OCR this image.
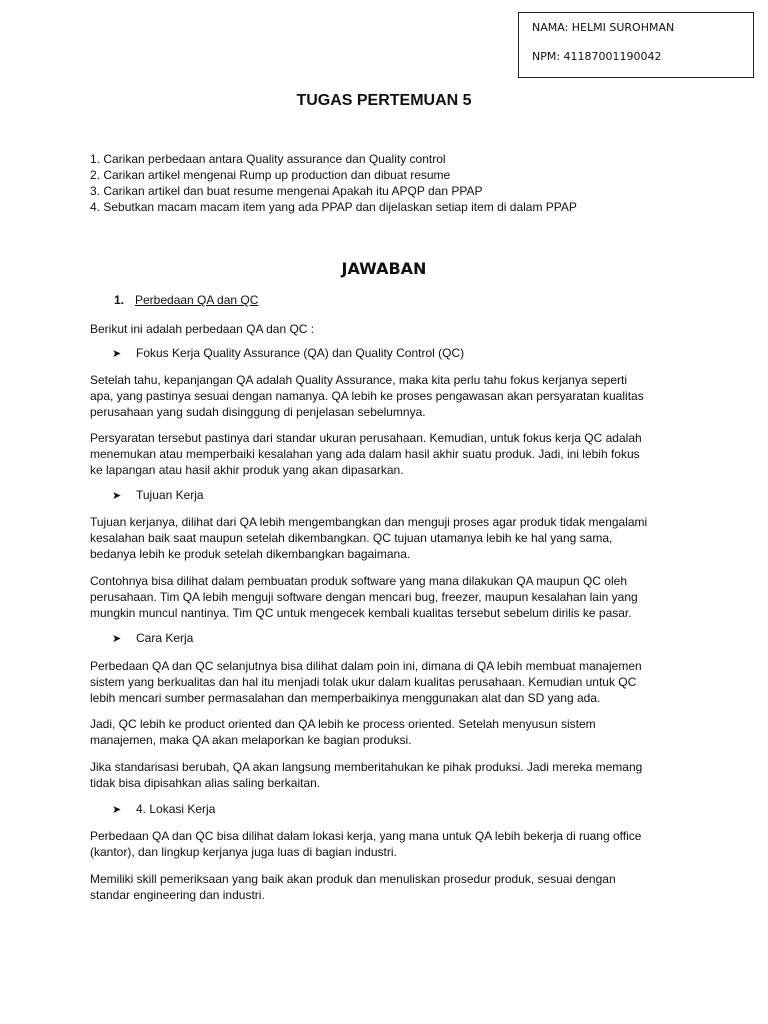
NAMA: HELMI SUROHMAN
NPM: 41187001190042
TUGAS PERTEMUAN 5
1. Carikan perbedaan antara Quality assurance dan Quality control
2. Carikan artikel mengenai Rump up production dan dibuat resume
3. Carikan artikel dan buat resume mengenai Apakah itu APQP dan PPAP
4. Sebutkan macam macam item yang ada PPAP dan dijelaskan setiap item di dalam PPAP
JAWABAN
1. Perbedaan QA dan QC
Berikut ini adalah perbedaan QA dan QC :
➤ Fokus Kerja Quality Assurance (QA) dan Quality Control (QC)
Setelah tahu, kepanjangan QA adalah Quality Assurance, maka kita perlu tahu fokus kerjanya seperti
apa, yang pastinya sesuai dengan namanya. QA lebih ke proses pengawasan akan persyaratan kualitas
perusahaan yang sudah disinggung di penjelasan sebelumnya.
Persyaratan tersebut pastinya dari standar ukuran perusahaan. Kemudian, untuk fokus kerja QC adalah
menemukan atau memperbaiki kesalahan yang ada dalam hasil akhir suatu produk. Jadi, ini lebih fokus
ke lapangan atau hasil akhir produk yang akan dipasarkan.
➤ Tujuan Kerja
Tujuan kerjanya, dilihat dari QA lebih mengembangkan dan menguji proses agar produk tidak mengalami
kesalahan baik saat maupun setelah dikembangkan. QC tujuan utamanya lebih ke hal yang sama,
bedanya lebih ke produk setelah dikembangkan bagaimana.
Contohnya bisa dilihat dalam pembuatan produk software yang mana dilakukan QA maupun QC oleh
perusahaan. Tim QA lebih menguji software dengan mencari bug, freezer, maupun kesalahan lain yang
mungkin muncul nantinya. Tim QC untuk mengecek kembali kualitas tersebut sebelum dirilis ke pasar.
➤ Cara Kerja
Perbedaan QA dan QC selanjutnya bisa dilihat dalam poin ini, dimana di QA lebih membuat manajemen
sistem yang berkualitas dan hal itu menjadi tolak ukur dalam kualitas perusahaan. Kemudian untuk QC
lebih mencari sumber permasalahan dan memperbaikinya menggunakan alat dan SD yang ada.
Jadi, QC lebih ke product oriented dan QA lebih ke process oriented. Setelah menyusun sistem
manajemen, maka QA akan melaporkan ke bagian produksi.
Jika standarisasi berubah, QA akan langsung memberitahukan ke pihak produksi. Jadi mereka memang
tidak bisa dipisahkan alias saling berkaitan.
➤ 4. Lokasi Kerja
Perbedaan QA dan QC bisa dilihat dalam lokasi kerja, yang mana untuk QA lebih bekerja di ruang office
(kantor), dan lingkup kerjanya juga luas di bagian industri.
Memiliki skill pemeriksaan yang baik akan produk dan menuliskan prosedur produk, sesuai dengan
standar engineering dan industri.
